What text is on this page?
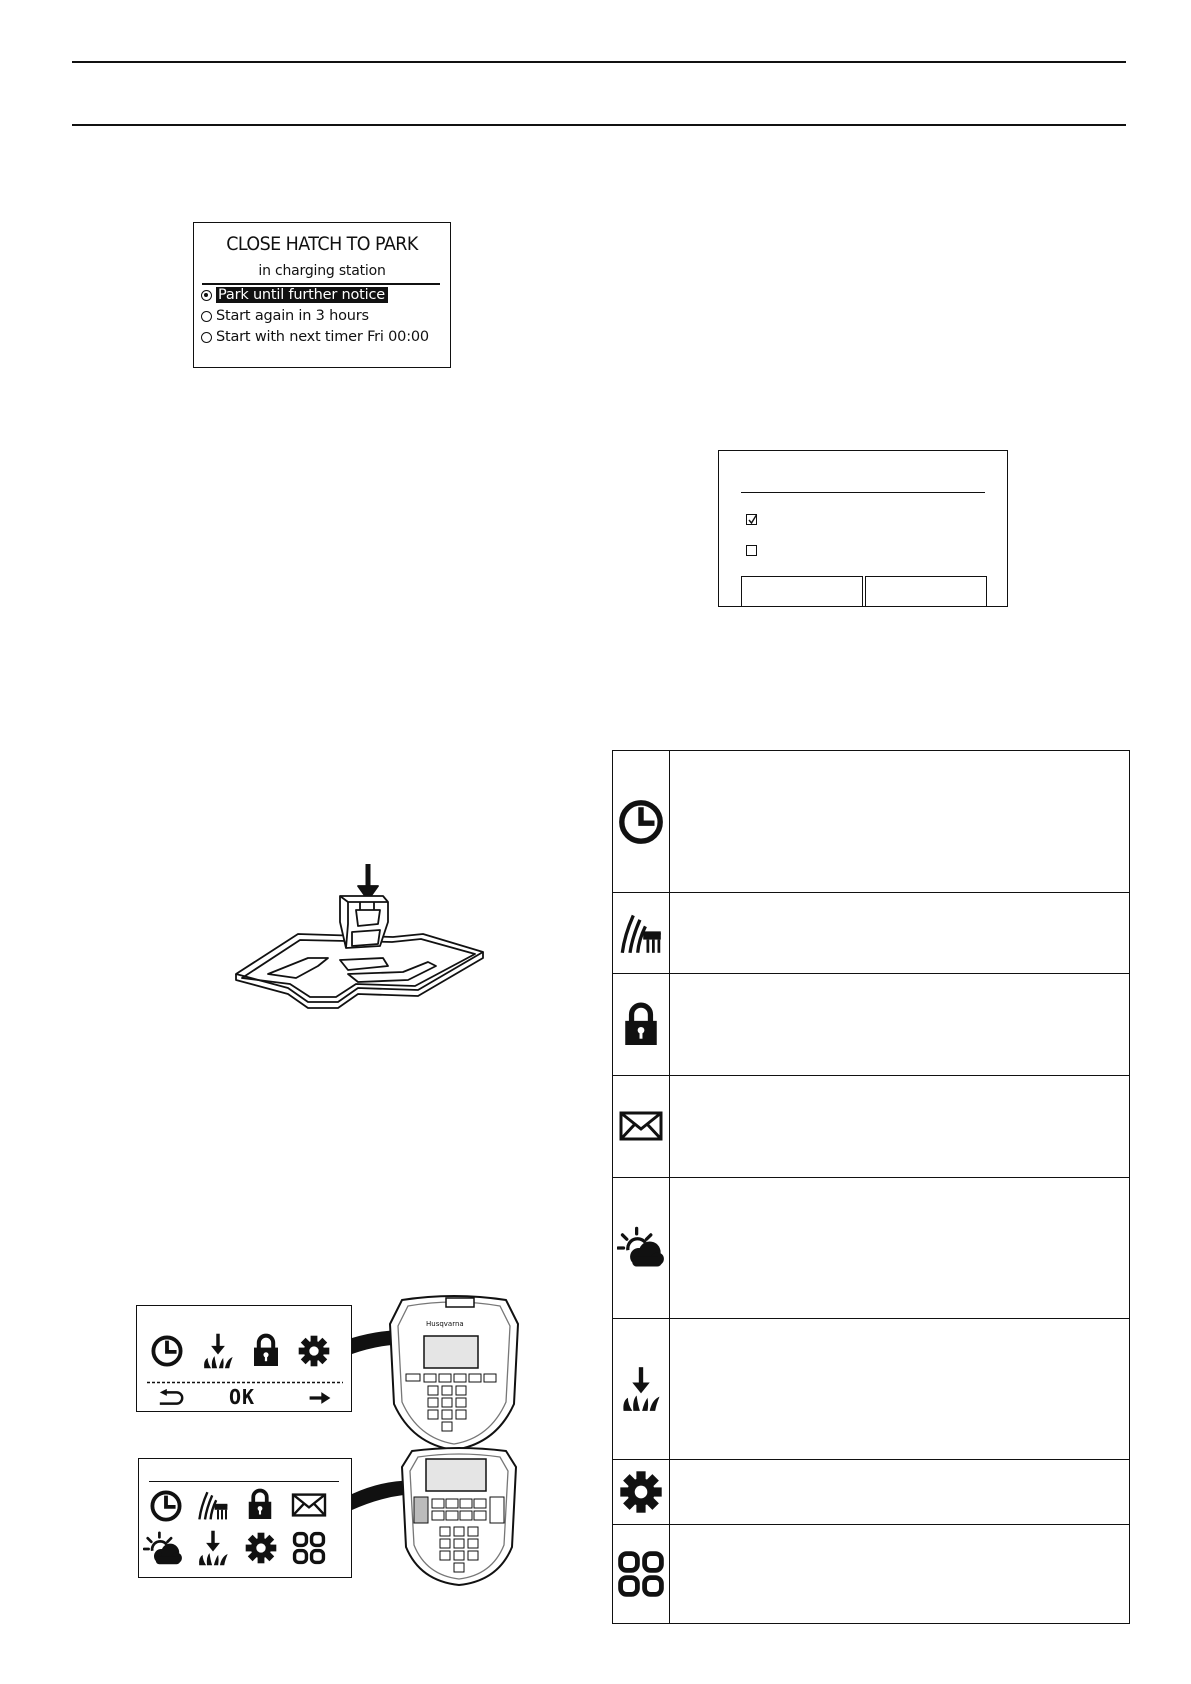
CLOSE HATCH TO PARK
in charging station
Park until further notice
Start again in 3 hours
Start with next timer Fri 00:00
OK
Husqvarna
